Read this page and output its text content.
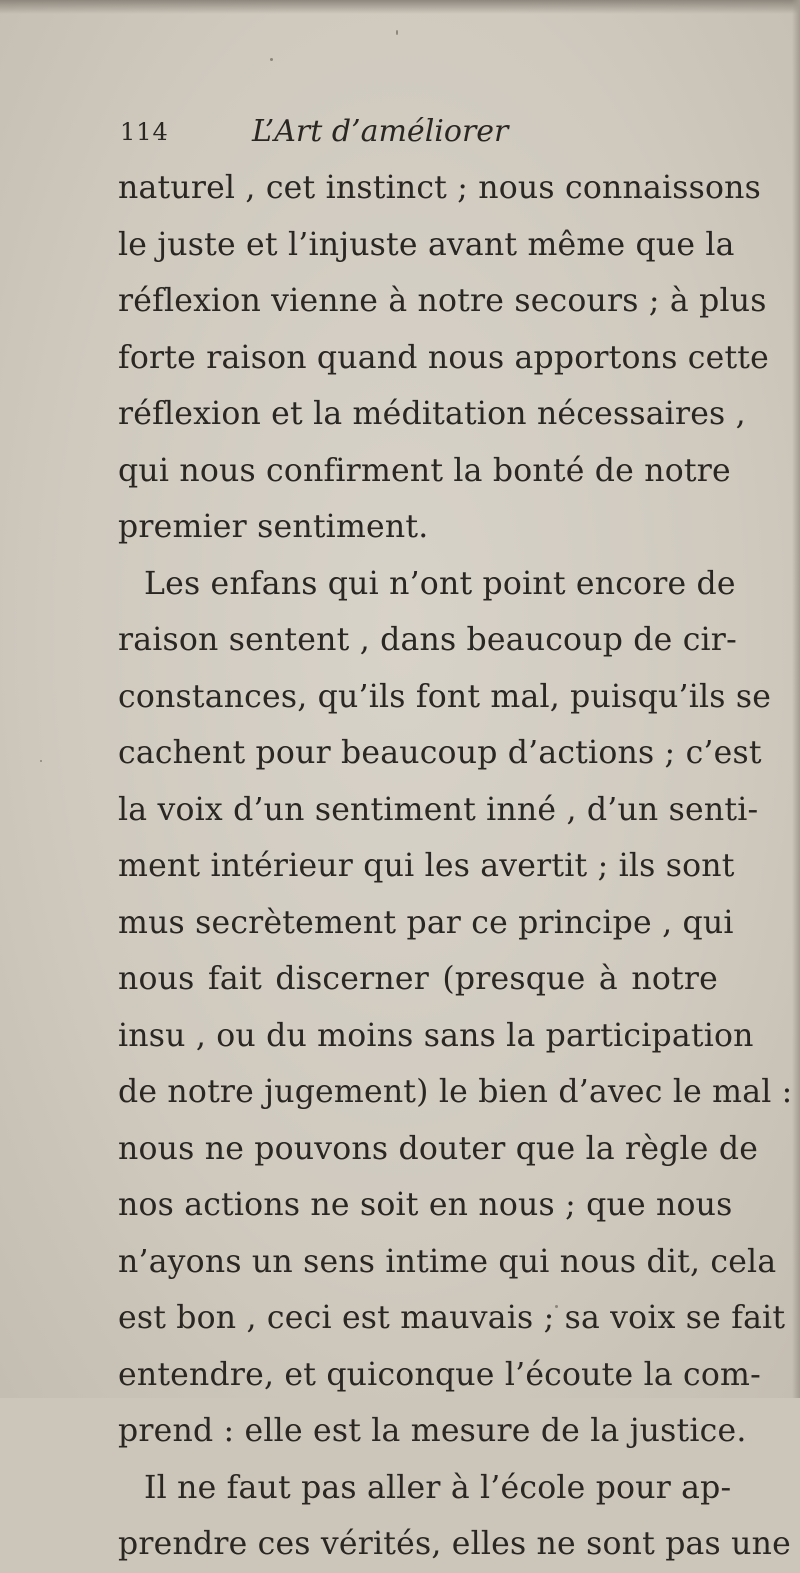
114	L’Art d’améliorer
naturel , cet instinct ; nous connaissons
le juste et l’injuste avant même que la
réflexion vienne à notre secours ; à plus
forte raison quand nous apportons cette
réflexion et la méditation nécessaires ,
qui nous confirment la bonté de notre
premier sentiment.
Les enfans qui n’ont point encore de
raison sentent , dans beaucoup de cir-
constances, qu’ils font mal, puisqu’ils se
cachent pour beaucoup d’actions ; c’est
la voix d’un sentiment inné , d’un senti-
ment intérieur qui les avertit ; ils sont
mus secrètement par ce principe , qui
nous fait discerner (presque à notre
insu , ou du moins sans la participation
de notre jugement) le bien d’avec le mal :
nous ne pouvons douter que la règle de
nos actions ne soit en nous ; que nous
n’ayons un sens intime qui nous dit, cela
est bon , ceci est mauvais ; sa voix se fait
entendre, et quiconque l’écoute la com-
prend : elle est la mesure de la justice.
Il ne faut pas aller à l’école pour ap-
prendre ces vérités, elles ne sont pas une
